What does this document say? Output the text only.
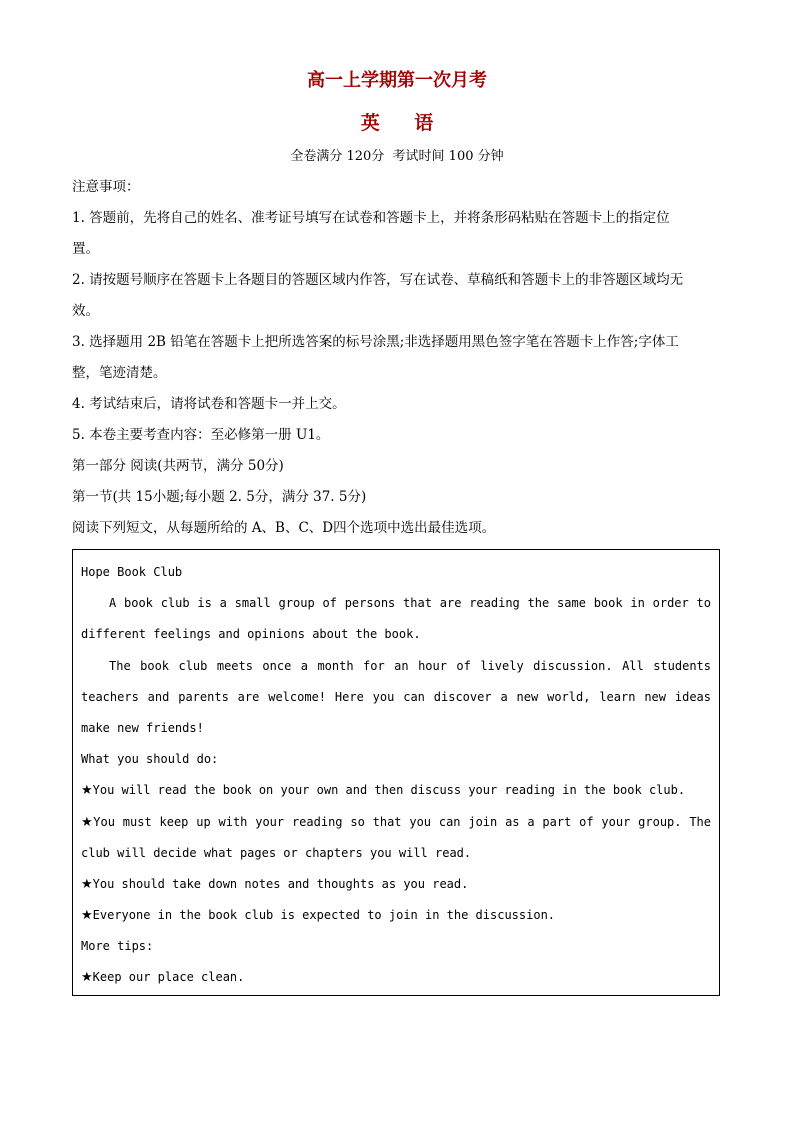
高一上学期第一次月考
英 语
全卷满分 120分  考试时间 100 分钟
注意事项：
1. 答题前，先将自己的姓名、准考证号填写在试卷和答题卡上，并将条形码粘贴在答题卡上的指定位
置。
2. 请按题号顺序在答题卡上各题目的答题区域内作答，写在试卷、草稿纸和答题卡上的非答题区域均无
效。
3. 选择题用 2B 铅笔在答题卡上把所选答案的标号涂黑;非选择题用黑色签字笔在答题卡上作答;字体工
整，笔迹清楚。
4. 考试结束后，请将试卷和答题卡一并上交。
5. 本卷主要考查内容：至必修第一册 U1。
第一部分 阅读(共两节，满分 50分)
第一节(共 15小题;每小题 2. 5分，满分 37. 5分)
阅读下列短文，从每题所给的 A、B、C、D四个选项中选出最佳选项。
Hope Book Club
A book club is a small group of persons that are reading the same book in order to
different feelings and opinions about the book.
The book club meets once a month for an hour of lively discussion. All students
teachers and parents are welcome! Here you can discover a new world, learn new ideas
make new friends!
What you should do:
★You will read the book on your own and then discuss your reading in the book club.
★You must keep up with your reading so that you can join as a part of your group. The
club will decide what pages or chapters you will read.
★You should take down notes and thoughts as you read.
★Everyone in the book club is expected to join in the discussion.
More tips:
★Keep our place clean.
